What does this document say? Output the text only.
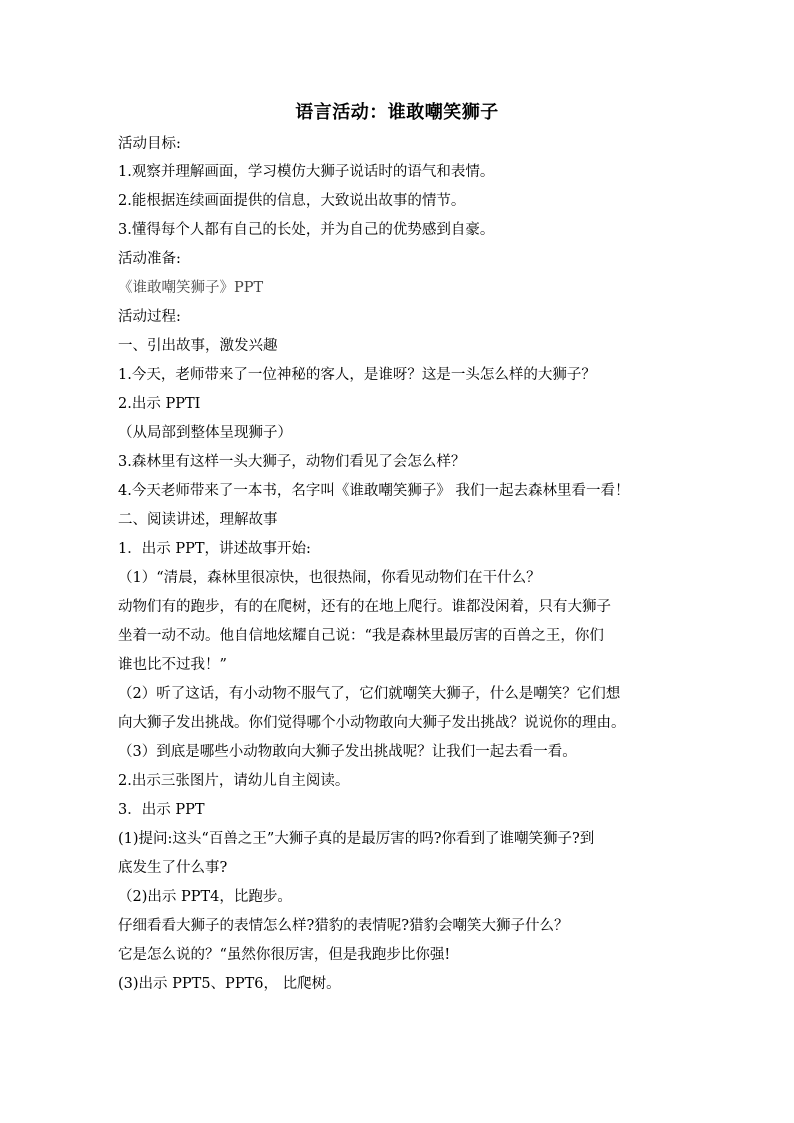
语言活动：谁敢嘲笑狮子
活动目标:
1.观察并理解画面，学习模仿大狮子说话时的语气和表情。
2.能根据连续画面提供的信息，大致说出故事的情节。
3.懂得每个人都有自己的长处，并为自己的优势感到自豪。
活动准备:
《谁敢嘲笑狮子》PPT
活动过程:
一、引出故事，激发兴趣
1.今天，老师带来了一位神秘的客人，是谁呀？这是一头怎么样的大狮子？
2.出示 PPTI
（从局部到整体呈现狮子）
3.森林里有这样一头大狮子，动物们看见了会怎么样？
4.今天老师带来了一本书，名字叫《谁敢嘲笑狮子》 我们一起去森林里看一看！
二、阅读讲述，理解故事
1．出示 PPT，讲述故事开始:
（1）“清晨，森林里很凉快，也很热闹，你看见动物们在干什么？
动物们有的跑步，有的在爬树，还有的在地上爬行。谁都没闲着，只有大狮子
坐着一动不动。他自信地炫耀自己说：“我是森林里最厉害的百兽之王，你们
谁也比不过我！”
（2）听了这话，有小动物不服气了，它们就嘲笑大狮子，什么是嘲笑？它们想
向大狮子发出挑战。你们觉得哪个小动物敢向大狮子发出挑战？说说你的理由。
（3）到底是哪些小动物敢向大狮子发出挑战呢？让我们一起去看一看。
2.出示三张图片，请幼儿自主阅读。
3．出示 PPT
(1)提问:这头“百兽之王”大狮子真的是最厉害的吗?你看到了谁嘲笑狮子?到
底发生了什么事?
（2)出示 PPT4，比跑步。
仔细看看大狮子的表情怎么样?猎豹的表情呢?猎豹会嘲笑大狮子什么？
它是怎么说的？“虽然你很厉害，但是我跑步比你强!
(3)出示 PPT5、PPT6， 比爬树。
